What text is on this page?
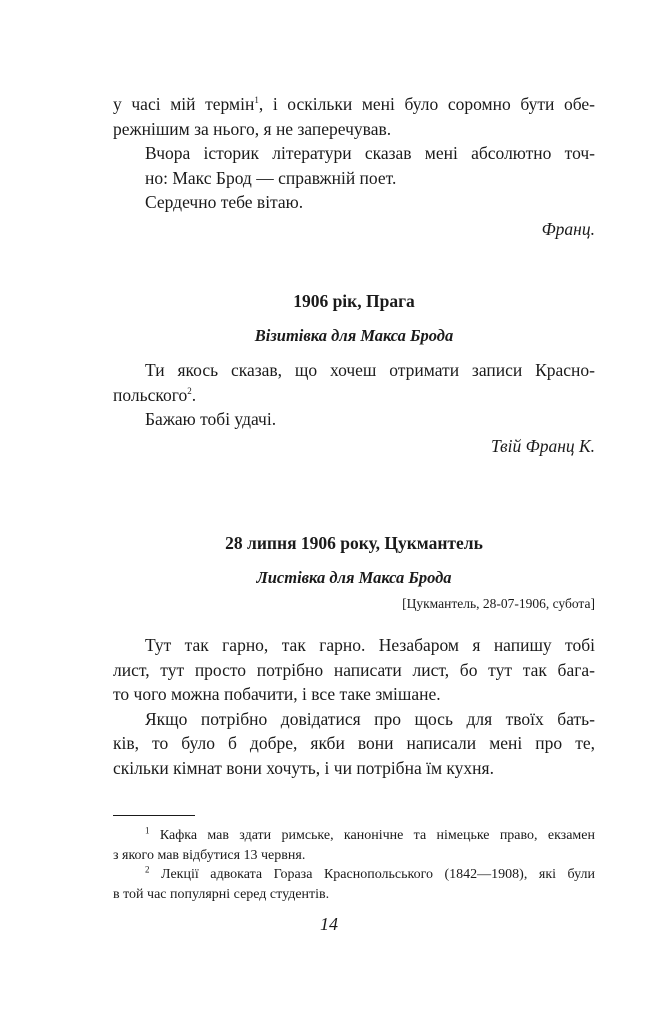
у часі мій термін$^1$, і оскільки мені було соромно бути обе-
режнішим за нього, я не заперечував.

Вчора історик літератури сказав мені абсолютно точ-
но: Макс Брод — справжній поет.

Сердечно тебе вітаю.

Франц.

1906 рік, Прага

Візитівка для Макса Брода

Ти якось сказав, що хочеш отримати записи Красно-
польского$^2$.

Бажаю тобі удачі.

Твій Франц К.

28 липня 1906 року, Цукмантель

Листівка для Макса Брода

[Цукмантель, 28-07-1906, субота]

Тут так гарно, так гарно. Незабаром я напишу тобі
лист, тут просто потрібно написати лист, бо тут так бага-
то чого можна побачити, і все таке змішане.

Якщо потрібно довідатися про щось для твоїх бать-
ків, то було б добре, якби вони написали мені про те,
скільки кімнат вони хочуть, і чи потрібна їм кухня.

$^1$ Кафка мав здати римське, канонічне та німецьке право, екзамен
з якого мав відбутися 13 червня.

$^2$ Лекції адвоката Гораза Краснопольського (1842—1908), які були
в той час популярні серед студентів.

14
